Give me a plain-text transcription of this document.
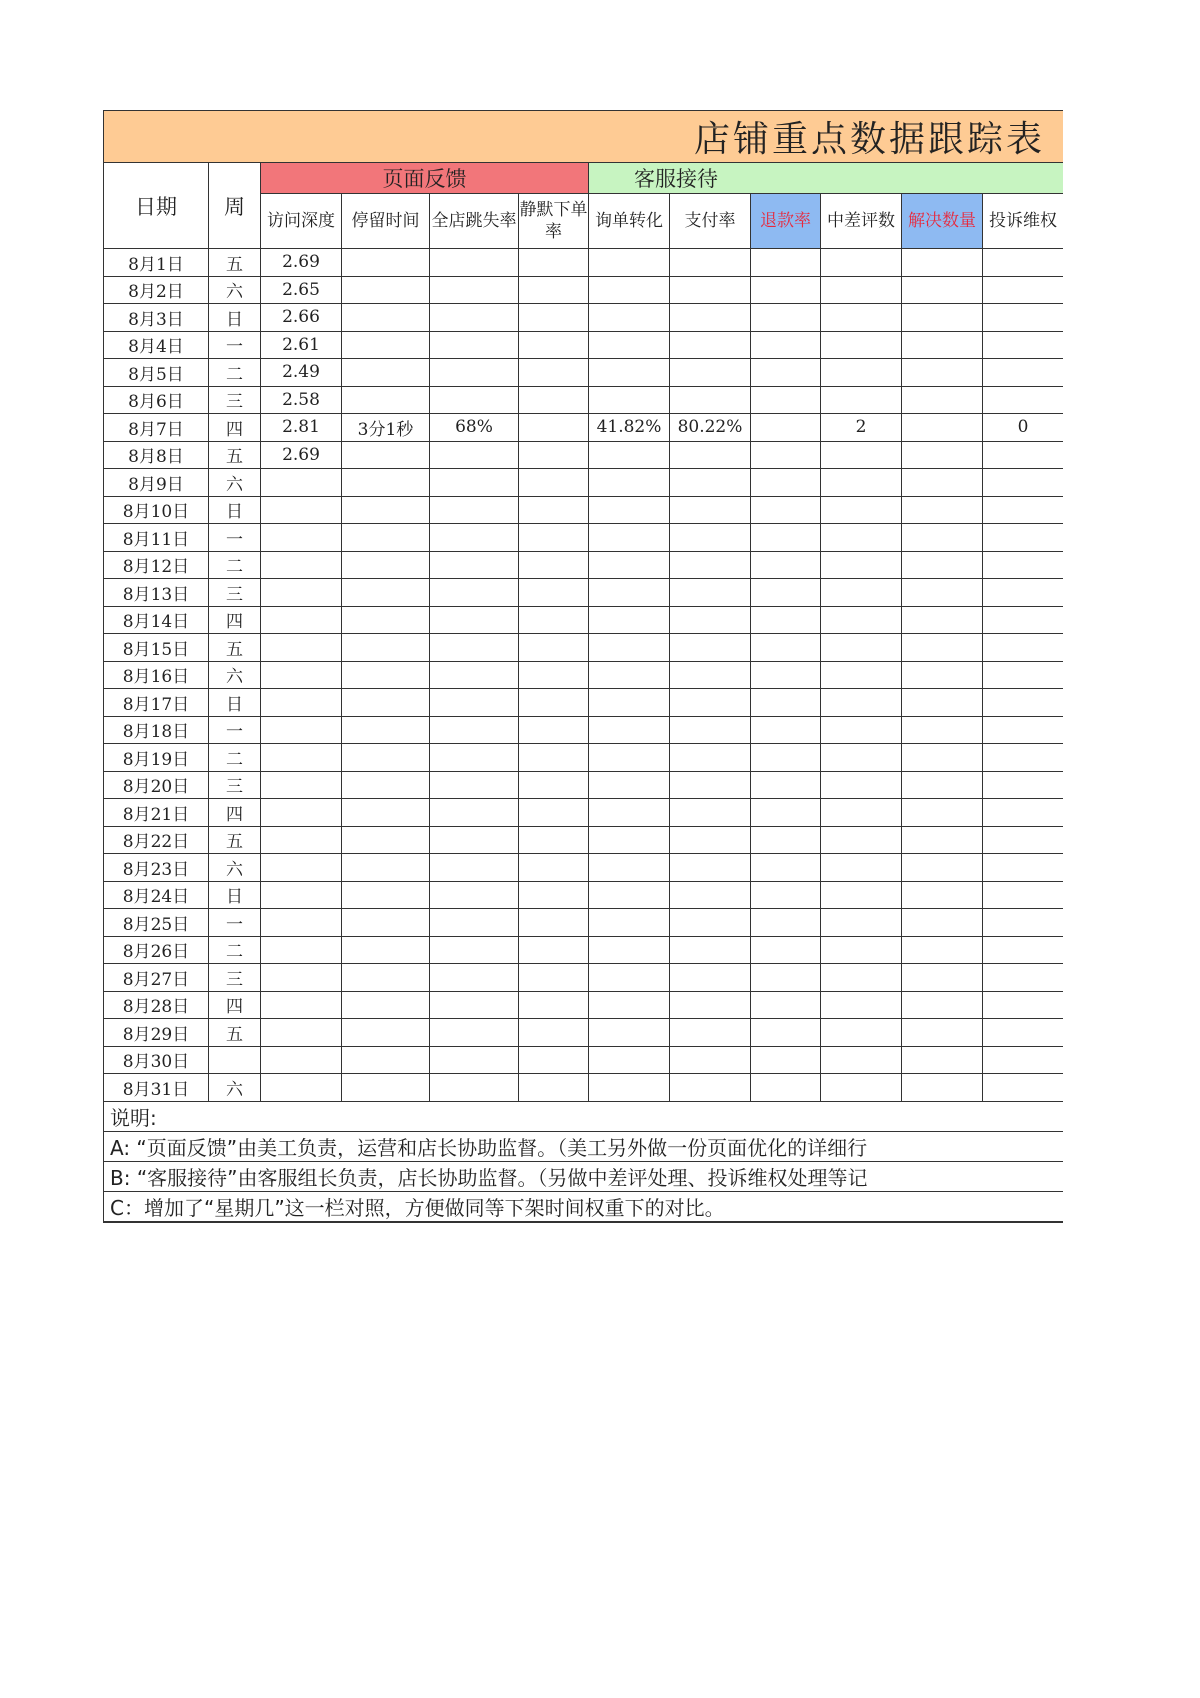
店铺重点数据跟踪表													
日期	周	页面反馈				客服接待							
		访问深度	停留时间	全店跳失率	静默下单率	询单转化	支付率	退款率	中差评数	解决数量	投诉维权		
8月1日	五	2.69											
8月2日	六	2.65											
8月3日	日	2.66											
8月4日	一	2.61											
8月5日	二	2.49											
8月6日	三	2.58											
8月7日	四	2.81	3分1秒	68%		41.82%	80.22%		2		0		
8月8日	五	2.69											
8月9日	六												
8月10日	日												
8月11日	一												
8月12日	二												
8月13日	三												
8月14日	四												
8月15日	五												
8月16日	六												
8月17日	日												
8月18日	一												
8月19日	二												
8月20日	三												
8月21日	四												
8月22日	五												
8月23日	六												
8月24日	日												
8月25日	一												
8月26日	二												
8月27日	三												
8月28日	四												
8月29日	五												
8月30日													
8月31日	六												
说明:
A: “页面反馈”由美工负责，运营和店长协助监督。（美工另外做一份页面优化的详细行
B: “客服接待”由客服组长负责，店长协助监督。（另做中差评处理、投诉维权处理等记
C：增加了“星期几”这一栏对照，方便做同等下架时间权重下的对比。
